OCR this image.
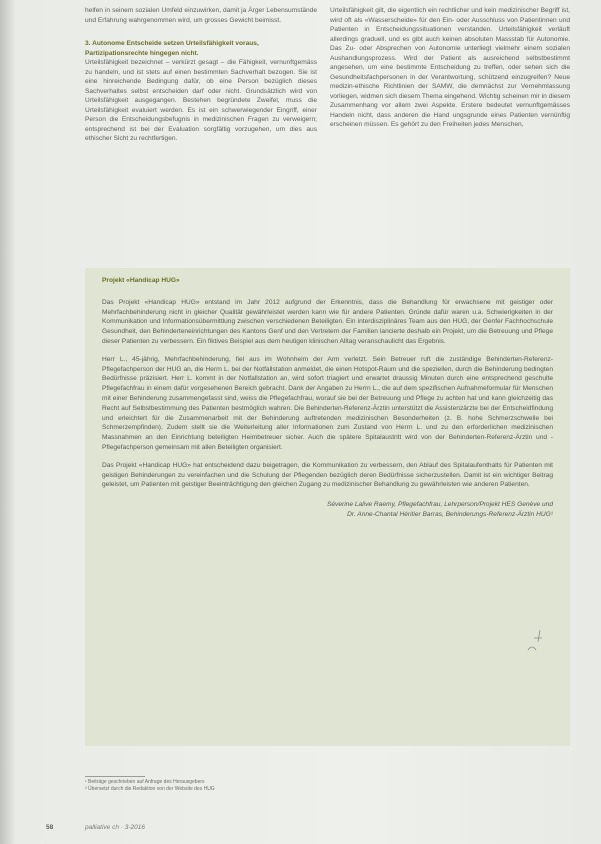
helfen in seinem sozialen Umfeld einzuwirken, damit ja Ärger Lebensumstände und Erfahrung wahrgenommen wird, um grosses Gewicht beimisst.

3. Autonome Entscheide setzen Urteilsfähigkeit voraus,
Partizipationsrechte hingegen nicht.

Urteilsfähigkeit bezeichnet – verkürzt gesagt – die Fähigkeit, vernunftgemäss zu handeln, und ist stets auf einen bestimmten Sachverhalt bezogen. Sie ist eine hinreichende Bedingung dafür, ob eine Person bezüglich dieses Sachverhaltes selbst entscheiden darf oder nicht. Grundsätzlich wird von Urteilsfähigkeit ausgegangen. Bestehen begründete Zweifel, muss die Urteilsfähigkeit evaluiert werden. Es ist ein schwerwiegender Eingriff, einer Person die Entscheidungsbefugnis in medizinischen Fragen zu verweigern; entsprechend ist bei der Evaluation sorgfältig vorzugehen, um dies aus ethischer Sicht zu rechtfertigen.

Urteilsfähigkeit gilt, die eigentlich ein rechtlicher und kein medizinischer Begriff ist, wird oft als «Wasserscheide» für den Ein- oder Ausschluss von Patientinnen und Patienten in Entscheidungssituationen verstanden. Urteilsfähigkeit verläuft allerdings graduell, und es gibt auch keinen absoluten Massstab für Autonomie. Das Zu- oder Absprechen von Autonomie unterliegt vielmehr einem sozialen Aushandlungsprozess. Wird der Patient als ausreichend selbstbestimmt angesehen, um eine bestimmte Entscheidung zu treffen, oder sehen sich die Gesundheitsfachpersonen in der Verantwortung, schützend einzugreifen? Neue medizin-ethische Richtlinien der SAMW, die demnächst zur Vernehmlassung vorliegen, widmen sich diesem Thema eingehend. Wichtig scheinen mir in diesem Zusammenhang vor allem zwei Aspekte. Erstere bedeutet vernunftgemässes Handeln nicht, dass anderen die Hand ungsgrunde eines Patienten vernünftig erscheinen müssen. Es gehört zu den Freiheiten jedes Menschen,

Projekt «Handicap HUG»

Das Projekt «Handicap HUG» entstand im Jahr 2012 aufgrund der Erkenntnis, dass die Behandlung für erwachsene mit geistiger oder Mehrfachbehinderung nicht in gleicher Qualität gewährleistet werden kann wie für andere Patienten. Gründe dafür waren u.a. Schwierigkeiten in der Kommunikation und Informationsübermittlung zwischen verschiedenen Beteiligten. Ein interdisziplinäres Team aus den HUG, der Genfer Fachhochschule Gesundheit, den Behinderteneinrichtungen des Kantons Genf und den Vertretern der Familien lancierte deshalb ein Projekt, um die Betreuung und Pflege dieser Patienten zu verbessern. Ein fiktives Beispiel aus dem heutigen klinischen Alltag veranschaulicht das Ergebnis.

Herr L., 45-jährig, Mehrfachbehinderung, fiel aus im Wohnheim der Arm verletzt. Sein Betreuer ruft die zuständige Behinderten-Referenz-Pflegefachperson der HUG an, die Herrn L. bei der Notfallstation anmeldet, die einen Hotspot-Raum und die speziellen, durch die Behinderung bedingten Bedürfnisse präzisiert. Herr L. kommt in der Notfallstation an, wird sofort triagiert und erwartet draussig Minuten durch eine entsprechend geschulte Pflegefachfrau in einem dafür vorgesehenen Bereich gebracht. Dank der Angaben zu Herrn L., die auf dem spezifischen Aufnahmeformular für Menschen mit einer Behinderung zusammengefasst sind, weiss die Pflegefachfrau, worauf sie bei der Betreuung und Pflege zu achten hat und kann gleichzeitig das Recht auf Selbstbestimmung des Patienten bestmöglich wahren. Die Behinderten-Referenz-Ärztin unterstützt die Assistenzärzte bei der Entscheidfindung und erleichtert für die Zusammenarbeit mit der Behinderung auftretenden medizinischen Besonderheiten (z. B. hohe Schmerzschwelle bei Schmerzempfinden). Zudem stellt sie die Weiterleitung aller Informationen zum Zustand von Herrn L. und zu den erforderlichen medizinischen Massnahmen an den Einrichtung beteiligten Heimbetreuer sicher. Auch die spätere Spitalaustritt wird von der Behinderten-Referenz-Ärztin und -Pflegefachperson gemeinsam mit allen Beteiligten organisiert.

Das Projekt «Handicap HUG» hat entscheidend dazu beigetragen, die Kommunikation zu verbessern, den Ablauf des Spitalaufenthalts für Patienten mit geistigen Behinderungen zu vereinfachen und die Schulung der Pflegenden bezüglich deren Bedürfnisse sicherzustellen. Damit ist ein wichtiger Beitrag geleistet, um Patienten mit geistiger Beeinträchtigung den gleichen Zugang zu medizinischer Behandlung zu gewährleisten wie anderen Patienten.

Séverine Lalive Raemy, Pflegefachfrau, Lehrperson/Projekt HES Genève und
Dr. Anne-Chantal Héritier Barras, Behinderungs-Referenz-Ärztin HUG¹
¹ Beiträge geschrieben auf Anfrage des Herausgebers
² Übersetzt durch die Redaktion von der Website des HUG
58	palliative ch · 3-2016
